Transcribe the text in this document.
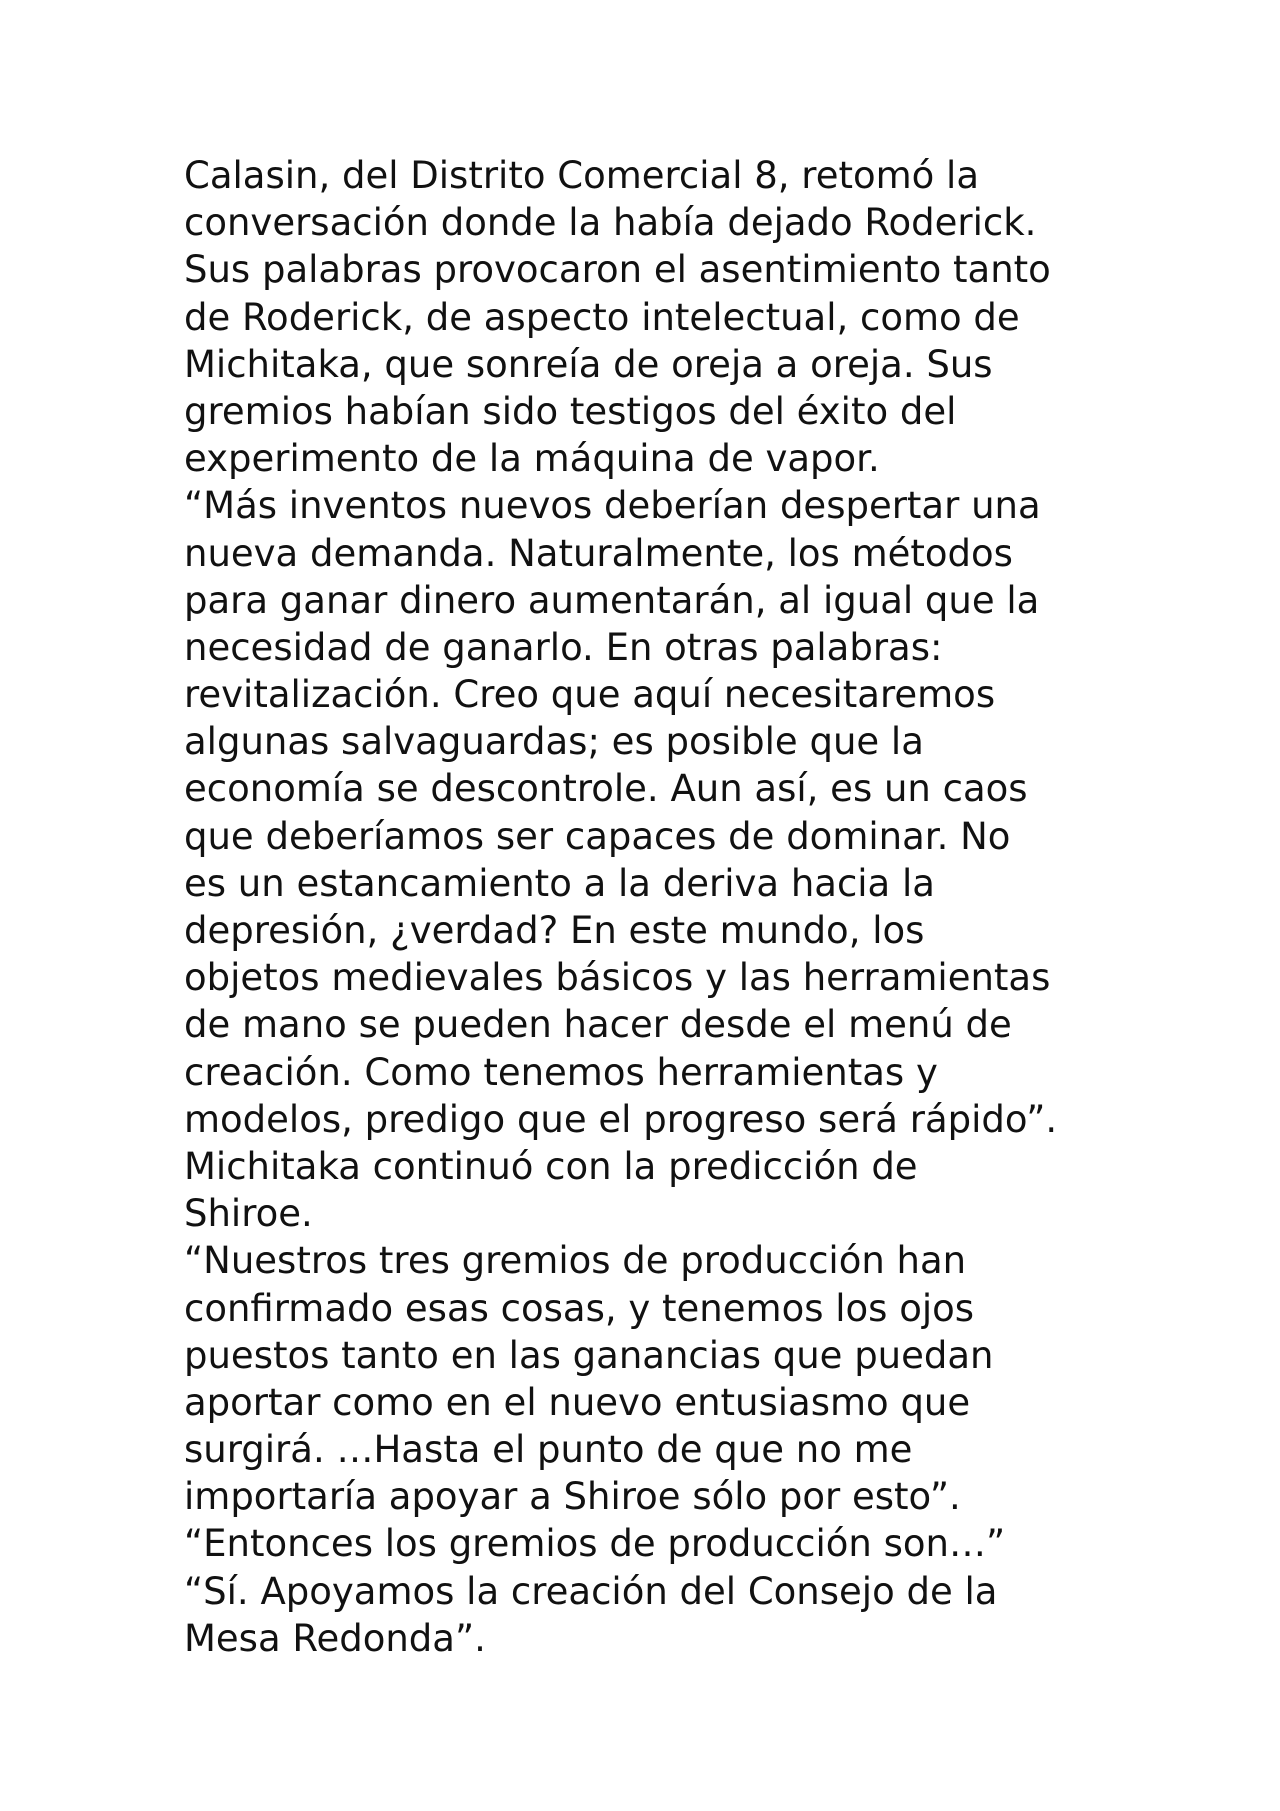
Calasin, del Distrito Comercial 8, retomó la
conversación donde la había dejado Roderick.
Sus palabras provocaron el asentimiento tanto
de Roderick, de aspecto intelectual, como de
Michitaka, que sonreía de oreja a oreja. Sus
gremios habían sido testigos del éxito del
experimento de la máquina de vapor.
“Más inventos nuevos deberían despertar una
nueva demanda. Naturalmente, los métodos
para ganar dinero aumentarán, al igual que la
necesidad de ganarlo. En otras palabras:
revitalización. Creo que aquí necesitaremos
algunas salvaguardas; es posible que la
economía se descontrole. Aun así, es un caos
que deberíamos ser capaces de dominar. No
es un estancamiento a la deriva hacia la
depresión, ¿verdad? En este mundo, los
objetos medievales básicos y las herramientas
de mano se pueden hacer desde el menú de
creación. Como tenemos herramientas y
modelos, predigo que el progreso será rápido”.
Michitaka continuó con la predicción de
Shiroe.
“Nuestros tres gremios de producción han
confirmado esas cosas, y tenemos los ojos
puestos tanto en las ganancias que puedan
aportar como en el nuevo entusiasmo que
surgirá. …Hasta el punto de que no me
importaría apoyar a Shiroe sólo por esto”.
“Entonces los gremios de producción son…”
“Sí. Apoyamos la creación del Consejo de la
Mesa Redonda”.
